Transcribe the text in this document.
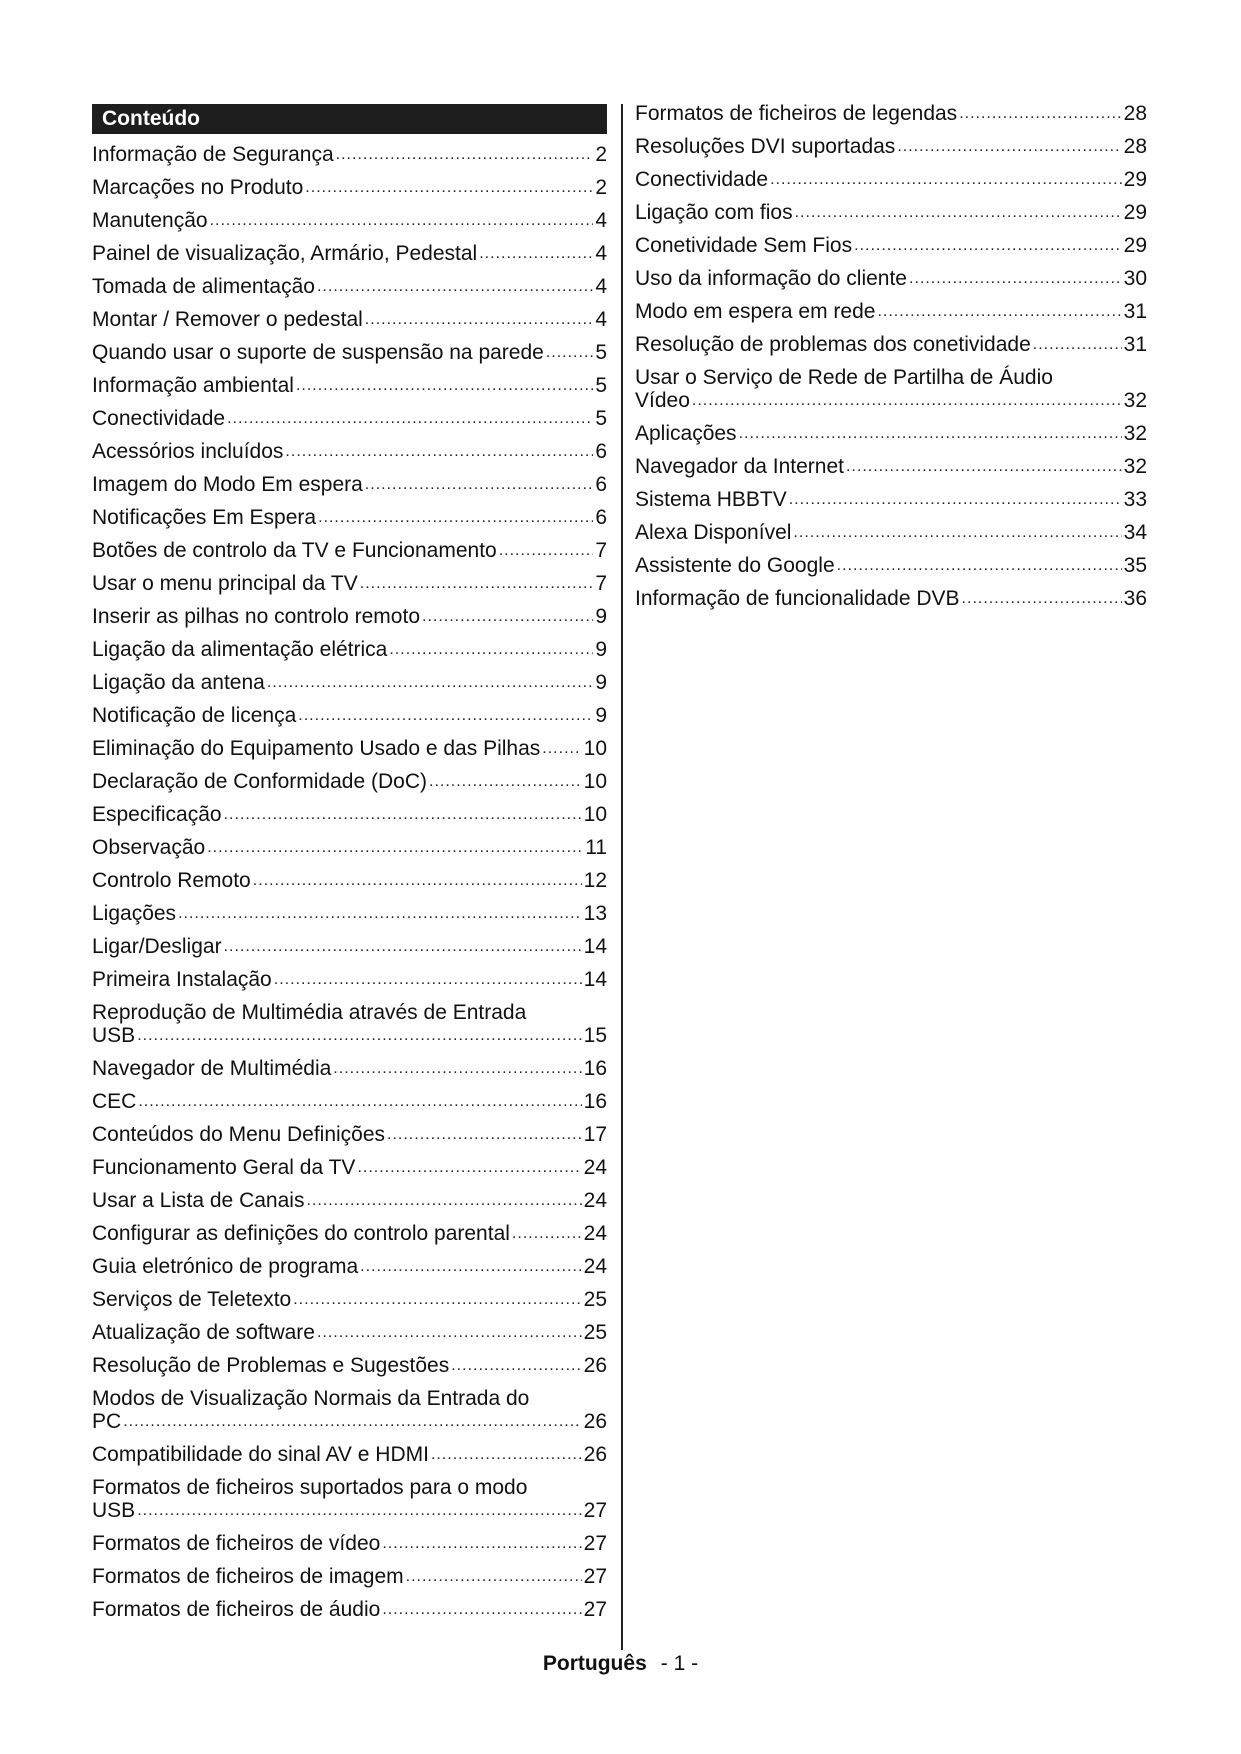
Conteúdo
Informação de Segurança .....	2
Marcações no Produto .....	2
Manutenção .....	4
Painel de visualização, Armário, Pedestal .....	4
Tomada de alimentação .....	4
Montar / Remover o pedestal .....	4
Quando usar o suporte de suspensão na parede ..... 5
Informação ambiental .....	5
Conectividade .....	5
Acessórios incluídos .....	6
Imagem do Modo Em espera .....	6
Notificações Em Espera .....	6
Botões de controlo da TV e Funcionamento .....	7
Usar o menu principal da TV .....	7
Inserir as pilhas no controlo remoto .....	9
Ligação da alimentação elétrica .....	9
Ligação da antena .....	9
Notificação de licença .....	9
Eliminação do Equipamento Usado e das Pilhas ..... 10
Declaração de Conformidade (DoC) .....	10
Especificação .....	10
Observação .....	11
Controlo Remoto .....	12
Ligações .....	13
Ligar/Desligar .....	14
Primeira Instalação .....	14
Reprodução de Multimédia através de Entrada
USB .....	15
Navegador de Multimédia .....	16
CEC .....	16
Conteúdos do Menu Definições .....	17
Funcionamento Geral da TV .....	24
Usar a Lista de Canais .....	24
Configurar as definições do controlo parental .....	24
Guia eletrónico de programa .....	24
Serviços de Teletexto .....	25
Atualização de software .....	25
Resolução de Problemas e Sugestões .....	26
Modos de Visualização Normais da Entrada do
PC .....	26
Compatibilidade do sinal AV e HDMI .....	26
Formatos de ficheiros suportados para o modo
USB .....	27
Formatos de ficheiros de vídeo .....	27
Formatos de ficheiros de imagem .....	27
Formatos de ficheiros de áudio .....	27
Formatos de ficheiros de legendas .....	28
Resoluções DVI suportadas .....	28
Conectividade .....	29
Ligação com fios .....	29
Conetividade Sem Fios .....	29
Uso da informação do cliente .....	30
Modo em espera em rede .....	31
Resolução de problemas dos conetividade .....	31
Usar o Serviço de Rede de Partilha de Áudio
Vídeo .....	32
Aplicações .....	32
Navegador da Internet .....	32
Sistema HBBTV .....	33
Alexa Disponível .....	34
Assistente do Google .....	35
Informação de funcionalidade DVB .....	36
Português - 1 -
